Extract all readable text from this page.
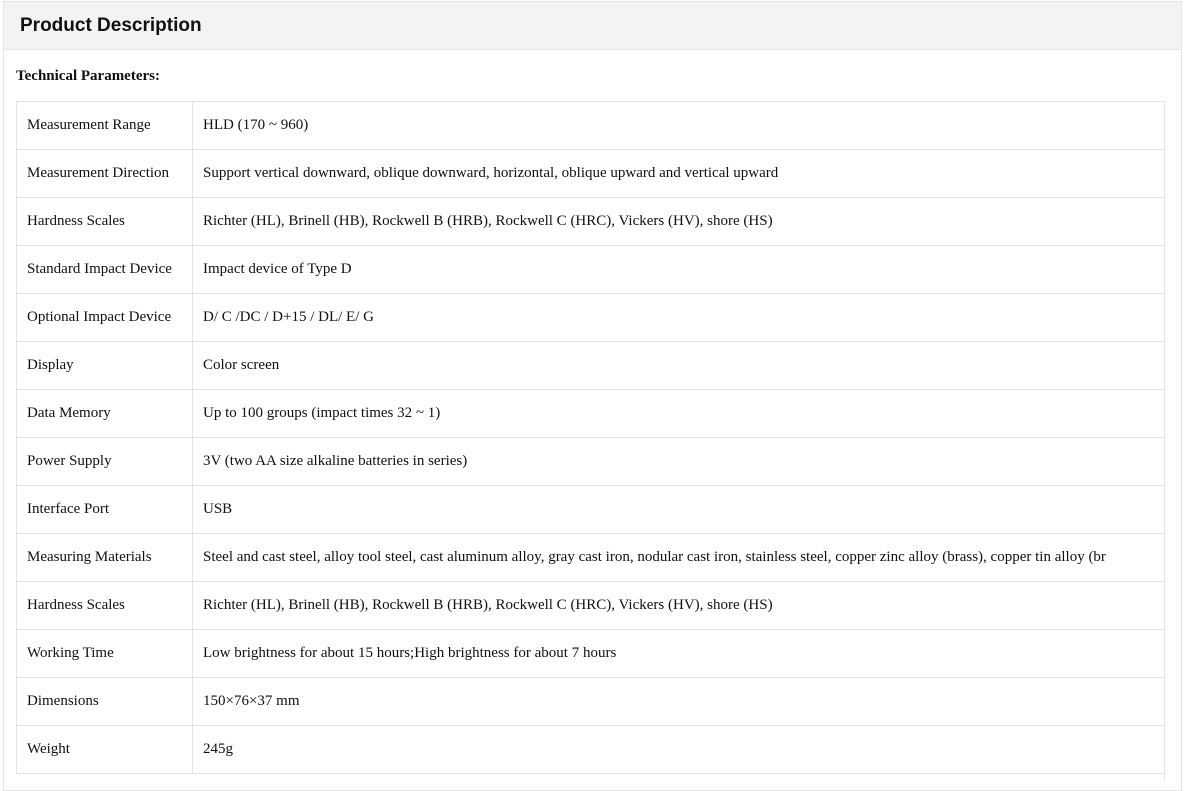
Product Description
Technical Parameters:
Measurement Range	HLD (170 ~ 960)
Measurement Direction	Support vertical downward, oblique downward, horizontal, oblique upward and vertical upward
Hardness Scales	Richter (HL), Brinell (HB), Rockwell B (HRB), Rockwell C (HRC), Vickers (HV), shore (HS)
Standard Impact Device	Impact device of Type D
Optional Impact Device	D/ C /DC / D+15 / DL/ E/ G
Display	Color screen
Data Memory	Up to 100 groups (impact times 32 ~ 1)
Power Supply	3V (two AA size alkaline batteries in series)
Interface Port	USB
Measuring Materials	Steel and cast steel, alloy tool steel, cast aluminum alloy, gray cast iron, nodular cast iron, stainless steel, copper zinc alloy (brass), copper tin alloy (br
Hardness Scales	Richter (HL), Brinell (HB), Rockwell B (HRB), Rockwell C (HRC), Vickers (HV), shore (HS)
Working Time	Low brightness for about 15 hours;High brightness for about 7 hours
Dimensions	150×76×37 mm
Weight	245g
